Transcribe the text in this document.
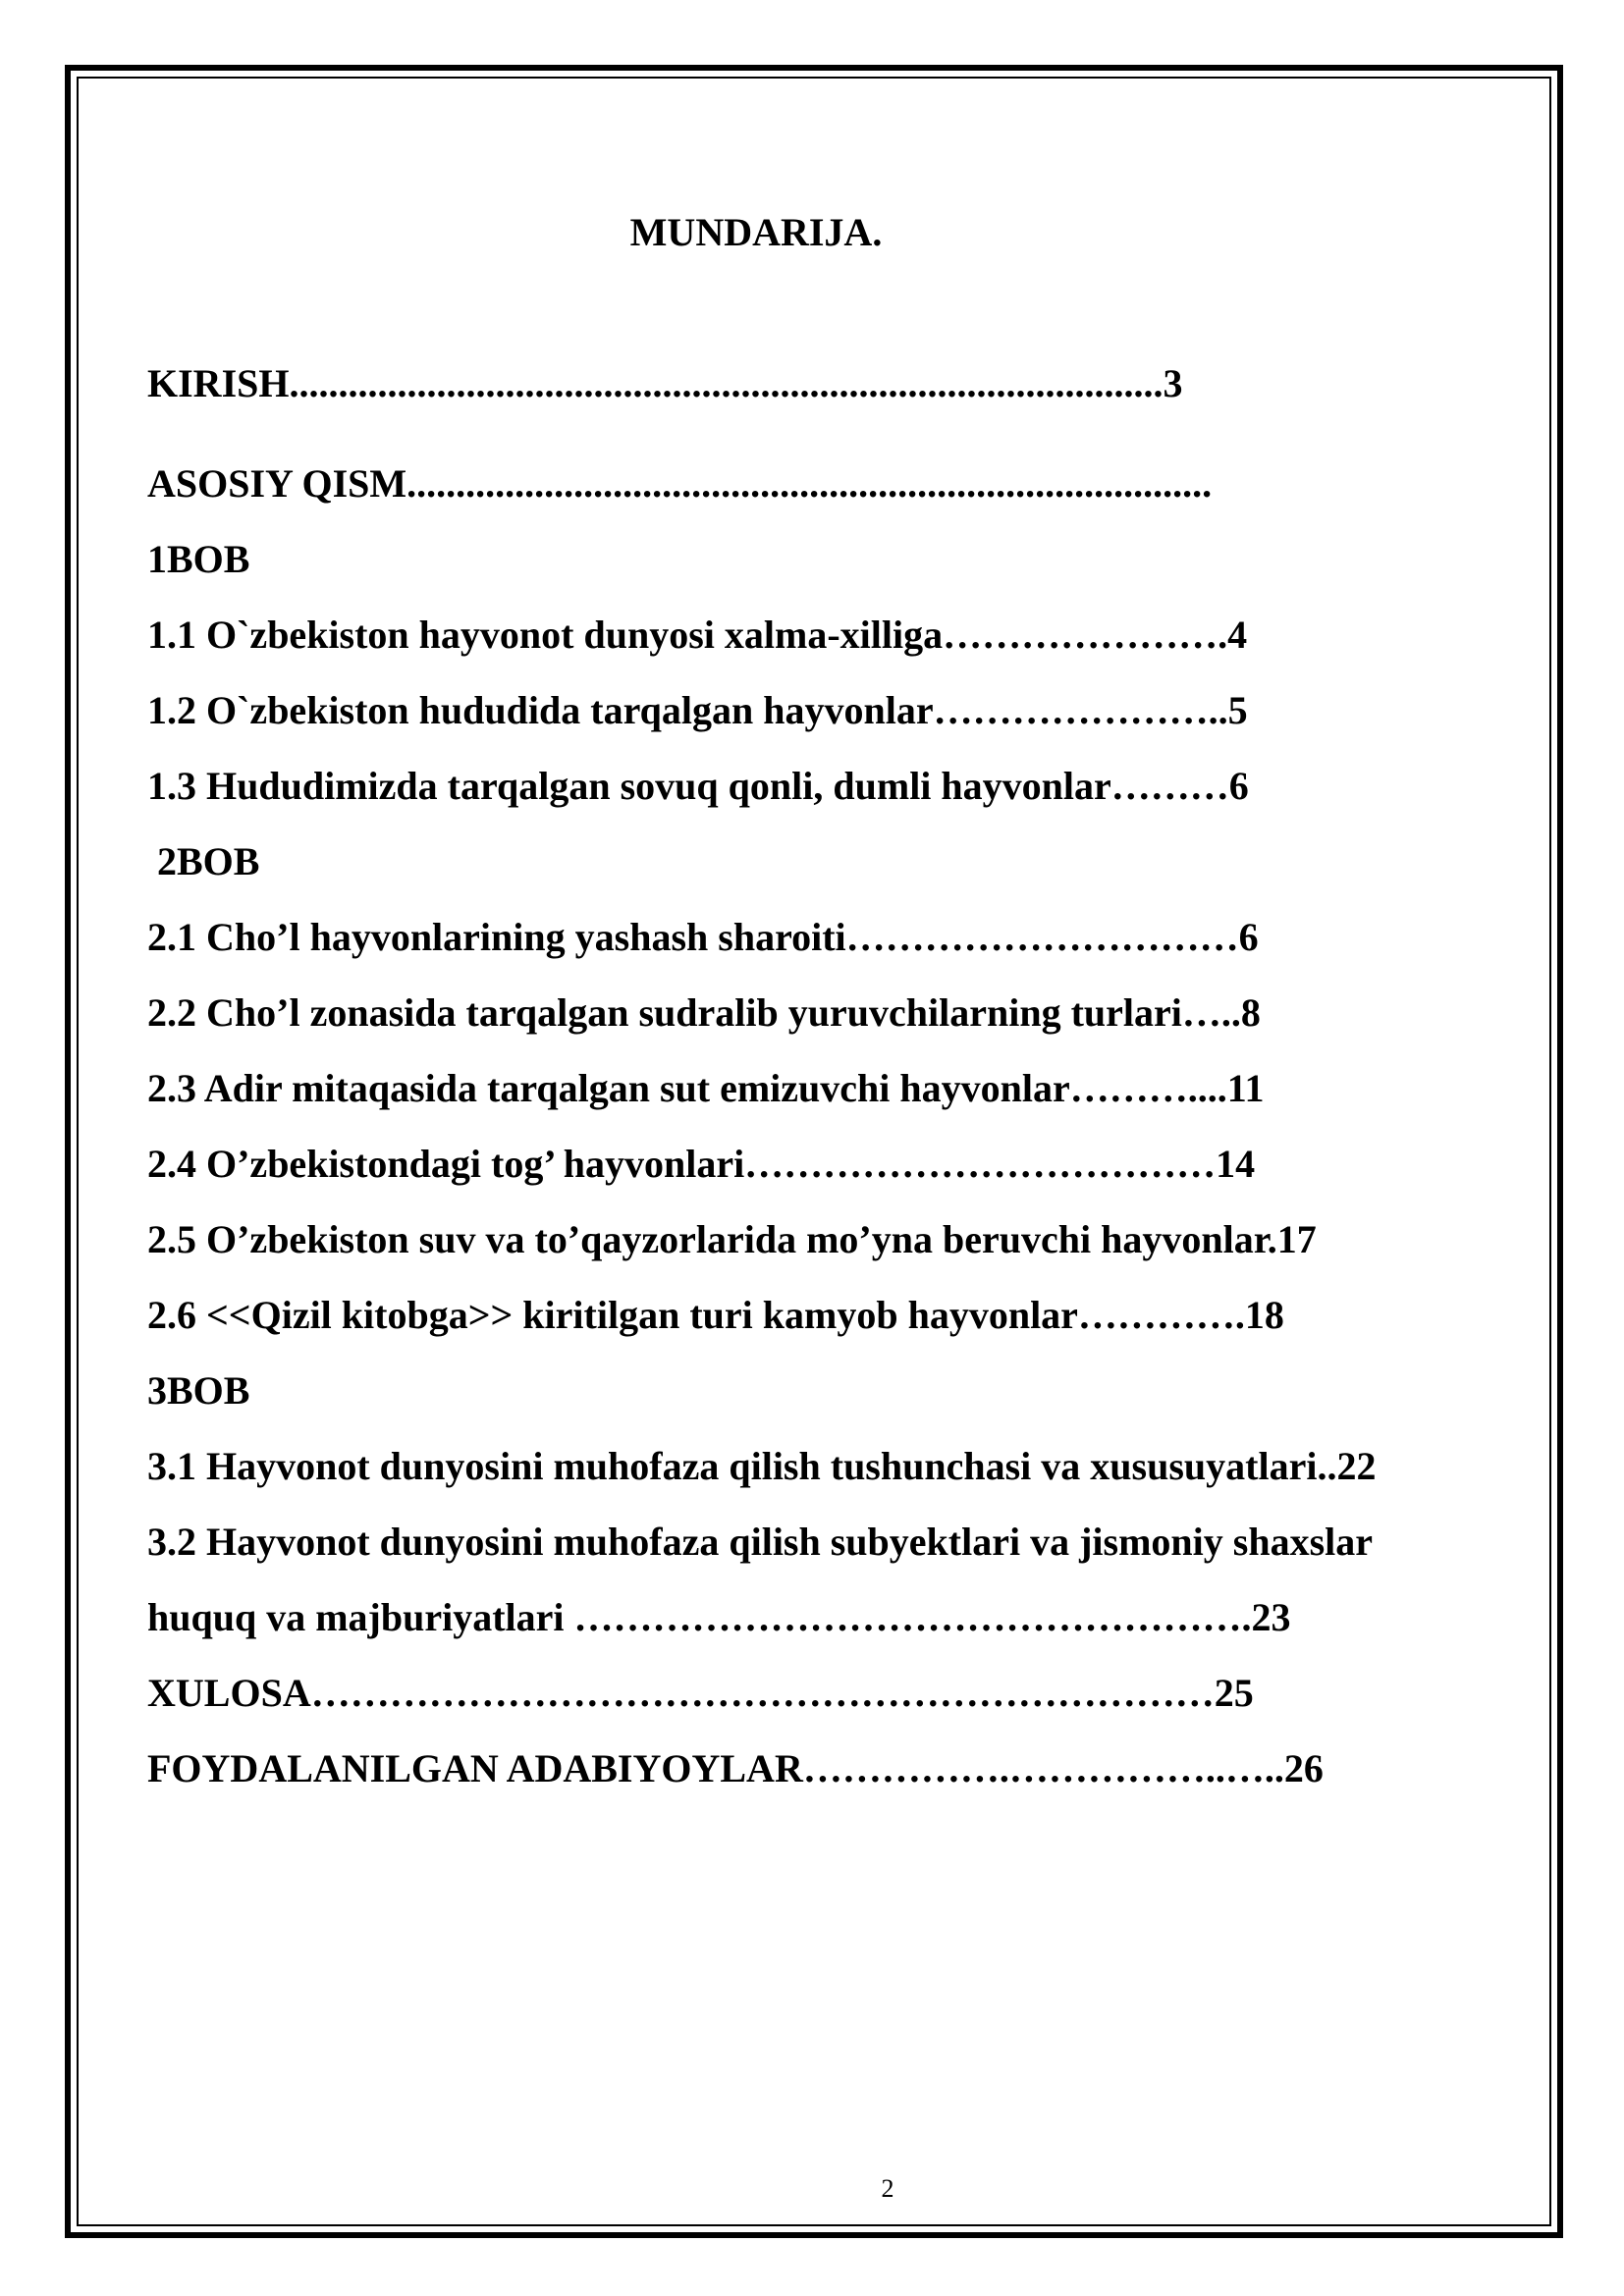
MUNDARIJA.
KIRISH.........................................................................................3
ASOSIY QISM..................................................................................
1BOB
1.1 O`zbekiston hayvonot dunyosi xalma-xilliga………………….4
1.2 O`zbekiston hududida tarqalgan hayvonlar…………………..5
1.3 Hududimizda tarqalgan sovuq qonli, dumli hayvonlar………6
2BOB
2.1 Cho’l hayvonlarining yashash sharoiti…………………………6
2.2 Cho’l zonasida tarqalgan sudralib yuruvchilarning turlari…..8
2.3 Adir mitaqasida tarqalgan sut emizuvchi hayvonlar………....11
2.4 O’zbekistondagi tog’ hayvonlari………………………………14
2.5 O’zbekiston suv va to’qayzorlarida mo’yna beruvchi hayvonlar.17
2.6 <<Qizil kitobga>> kiritilgan turi kamyob hayvonlar………….18
3BOB
3.1 Hayvonot dunyosini muhofaza qilish tushunchasi va xususuyatlari..22
3.2 Hayvonot dunyosini muhofaza qilish subyektlari va jismoniy shaxslar
huquq va majburiyatlari …………………………………………….23
XULOSA……………………………………………………………25
FOYDALANILGAN ADABIYOYLAR…………….……………..…..26
2
